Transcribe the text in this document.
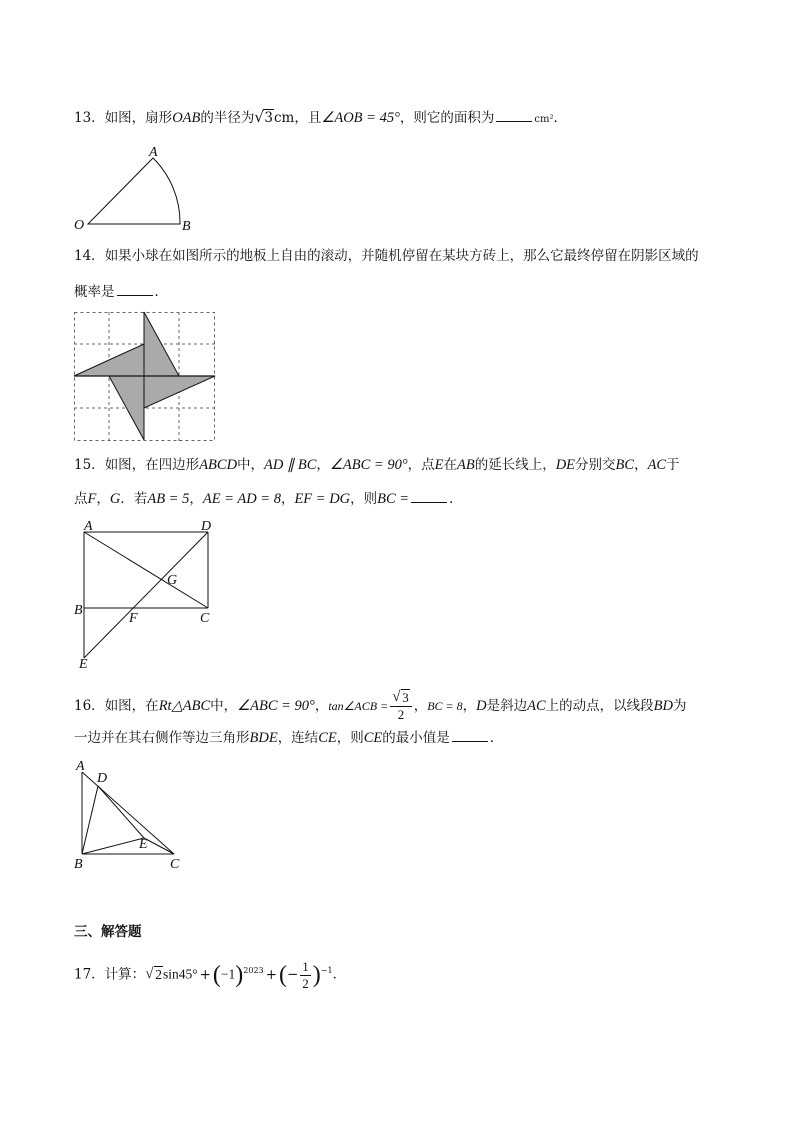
13．如图，扇形OAB的半径为 √ 3cm，且∠AOB = 45°，则它的面积为	cm²．
A
O	B
14．如果小球在如图所示的地板上自由的滚动，并随机停留在某块方砖上，那么它最终停留在阴影区域的
概率是	．
15．如图，在四边形ABCD中，AD ∥ BC，∠ABC = 90°，点E在AB的延长线上，DE分别交BC，AC于
点F，G．若AB = 5，AE = AD = 8，EF = DG，则BC =	．
A	D
G
B
F	C
E
16．如图，在Rt△ABC中，∠ABC = 90°，tan∠ACB = $\frac{√ 3}{2}$ ，BC = 8，D是斜边AC上的动点，以线段BD为
一边并在其右侧作等边三角形BDE，连结CE，则CE的最小值是	．
A
D
E
B	C
三、解答题
17．计算： √ $2\sin 45^\circ +(-1)^{2023}$ +(− $\frac{1}{2} )^{-1}$．
